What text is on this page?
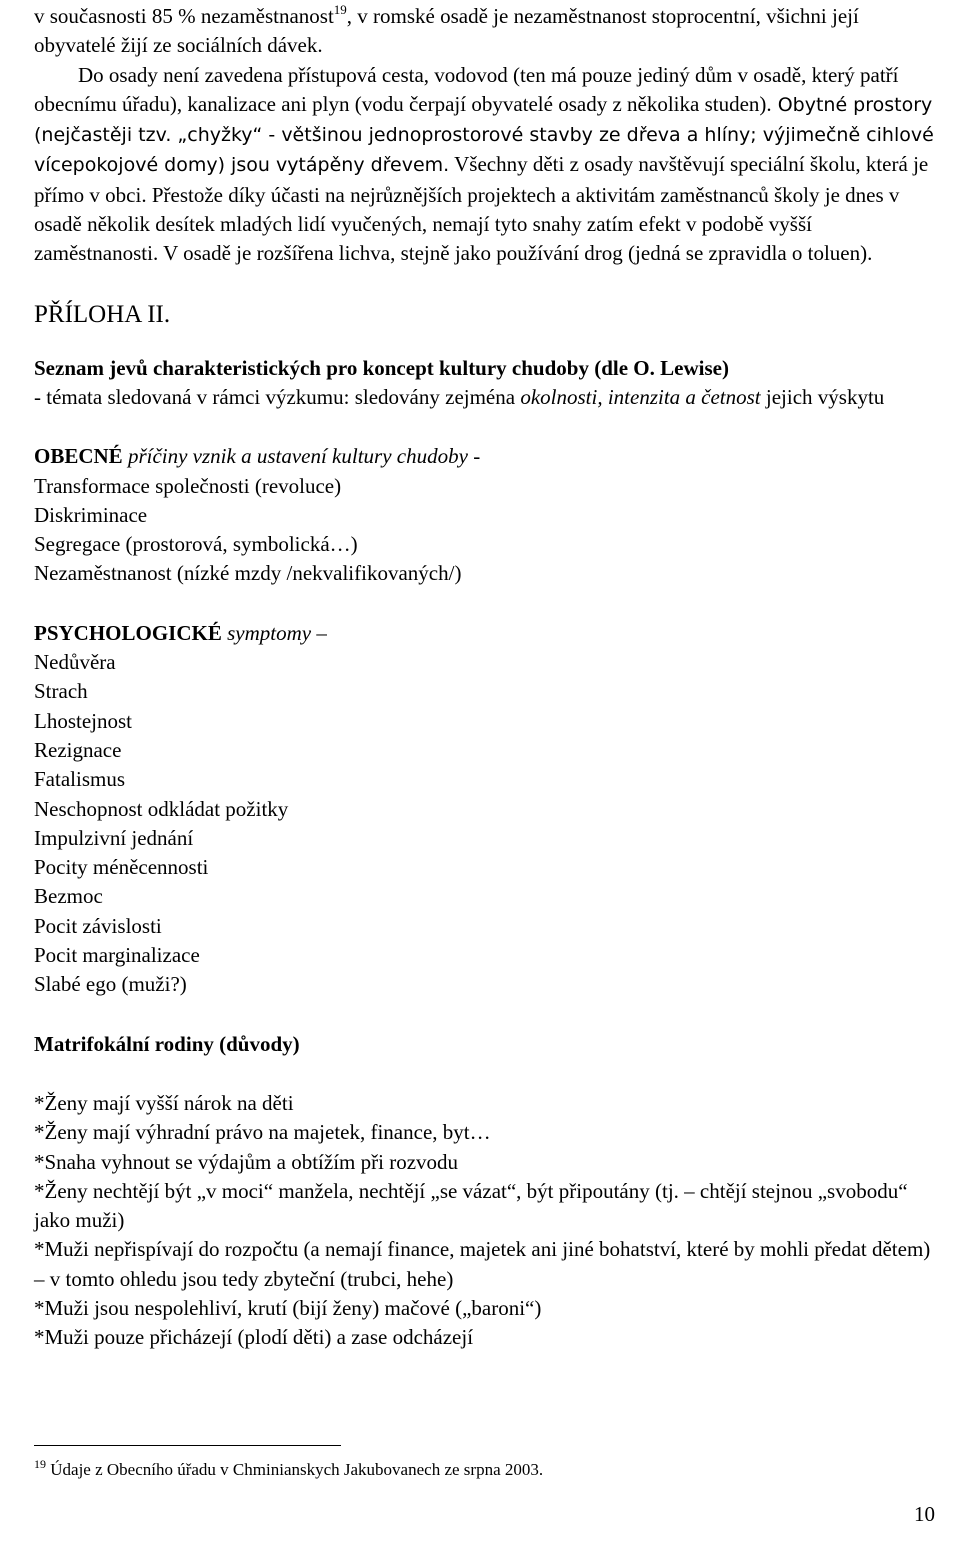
v současnosti 85 % nezaměstnanost$^{19}$, v romské osadě je nezaměstnanost stoprocentní, všichni její obyvatelé žijí ze sociálních dávek.

Do osady není zavedena přístupová cesta, vodovod (ten má pouze jediný dům v osadě, který patří obecnímu úřadu), kanalizace ani plyn (vodu čerpají obyvatelé osady z několika studen). Obytné prostory (nejčastěji tzv. „chyžky“ - většinou jednoprostorové stavby ze dřeva a hlíny; výjimečně cihlové vícepokojové domy) jsou vytápěny dřevem. Všechny děti z osady navštěvují speciální školu, která je přímo v obci. Přestože díky účasti na nejrůznějších projektech a aktivitám zaměstnanců školy je dnes v osadě několik desítek mladých lidí vyučených, nemají tyto snahy zatím efekt v podobě vyšší zaměstnanosti. V osadě je rozšířena lichva, stejně jako používání drog (jedná se zpravidla o toluen).

PŘÍLOHA II.

Seznam jevů charakteristických pro koncept kultury chudoby (dle O. Lewise)

- témata sledovaná v rámci výzkumu: sledovány zejména okolnosti, intenzita a četnost jejich výskytu

OBECNÉ příčiny vznik a ustavení kultury chudoby -

Transformace společnosti (revoluce)
Diskriminace
Segregace (prostorová, symbolická…)
Nezaměstnanost (nízké mzdy /nekvalifikovaných/)

PSYCHOLOGICKÉ symptomy –

Nedůvěra
Strach
Lhostejnost
Rezignace
Fatalismus
Neschopnost odkládat požitky
Impulzivní jednání
Pocity méněcennosti
Bezmoc
Pocit závislosti
Pocit marginalizace
Slabé ego (muži?)

Matrifokální rodiny (důvody)

*Ženy mají vyšší nárok na děti
*Ženy mají výhradní právo na majetek, finance, byt…
*Snaha vyhnout se výdajům a obtížím při rozvodu
*Ženy nechtějí být „v moci“ manžela, nechtějí „se vázat“, být připoutány (tj. – chtějí stejnou „svobodu“ jako muži)
*Muži nepřispívají do rozpočtu (a nemají finance, majetek ani jiné bohatství, které by mohli předat dětem) – v tomto ohledu jsou tedy zbyteční (trubci, hehe)
*Muži jsou nespolehliví, krutí (bijí ženy) mačové („baroni“)
*Muži pouze přicházejí (plodí děti) a zase odcházejí

$^{19}$ Údaje z Obecního úřadu v Chminianskych Jakubovanech ze srpna 2003.

10
